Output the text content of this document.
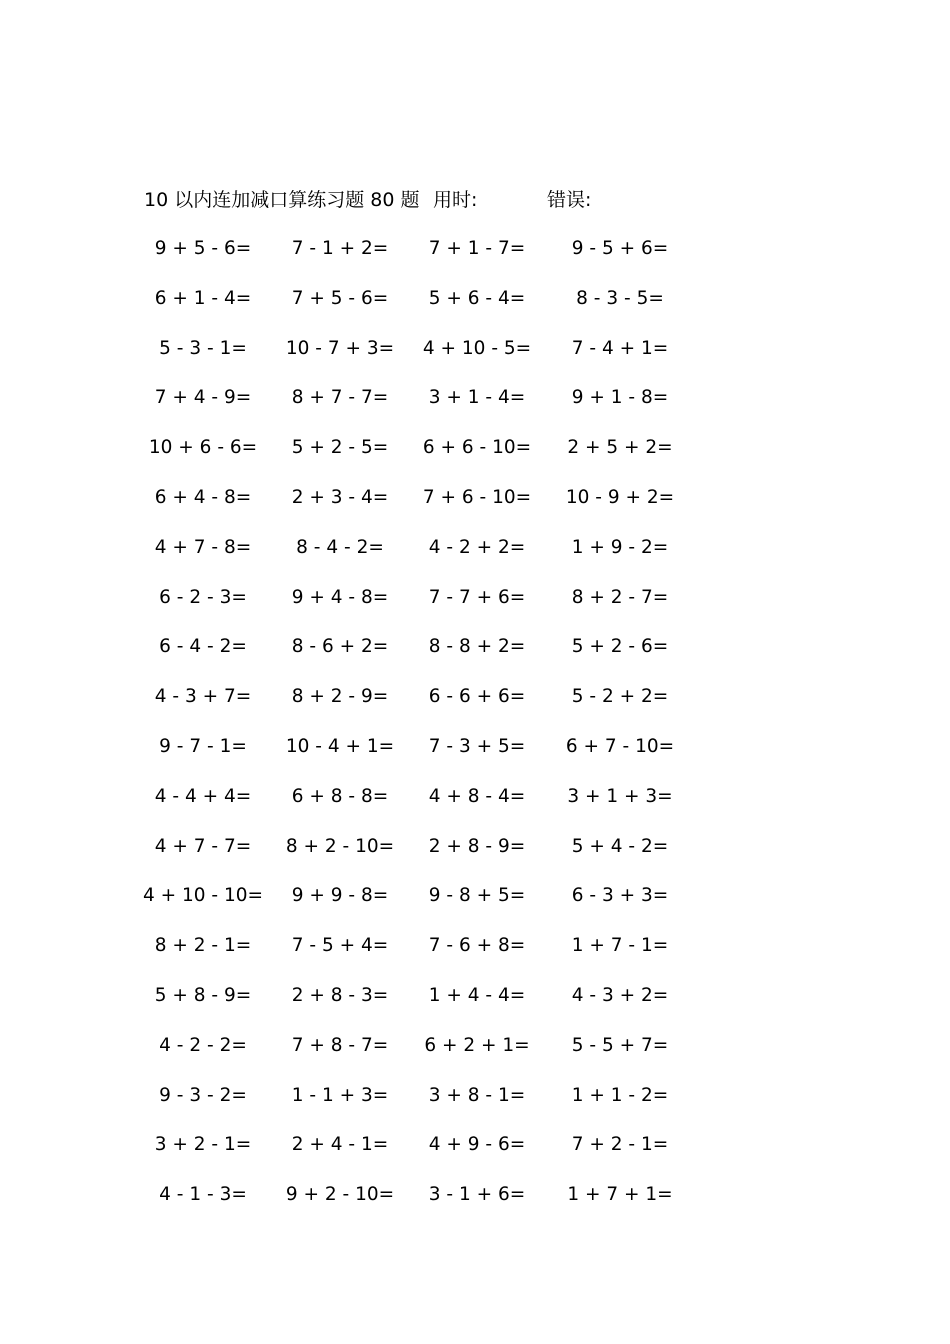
10 以内连加减口算练习题 80 题 用时:	错误:
9 + 5 - 6=	7 - 1 + 2=	7 + 1 - 7=	9 - 5 + 6=
6 + 1 - 4=	7 + 5 - 6=	5 + 6 - 4=	8 - 3 - 5=
5 - 3 - 1=	10 - 7 + 3=	4 + 10 - 5=	7 - 4 + 1=
7 + 4 - 9=	8 + 7 - 7=	3 + 1 - 4=	9 + 1 - 8=
10 + 6 - 6=	5 + 2 - 5=	6 + 6 - 10=	2 + 5 + 2=
6 + 4 - 8=	2 + 3 - 4=	7 + 6 - 10=	10 - 9 + 2=
4 + 7 - 8=	8 - 4 - 2=	4 - 2 + 2=	1 + 9 - 2=
6 - 2 - 3=	9 + 4 - 8=	7 - 7 + 6=	8 + 2 - 7=
6 - 4 - 2=	8 - 6 + 2=	8 - 8 + 2=	5 + 2 - 6=
4 - 3 + 7=	8 + 2 - 9=	6 - 6 + 6=	5 - 2 + 2=
9 - 7 - 1=	10 - 4 + 1=	7 - 3 + 5=	6 + 7 - 10=
4 - 4 + 4=	6 + 8 - 8=	4 + 8 - 4=	3 + 1 + 3=
4 + 7 - 7=	8 + 2 - 10=	2 + 8 - 9=	5 + 4 - 2=
4 + 10 - 10=	9 + 9 - 8=	9 - 8 + 5=	6 - 3 + 3=
8 + 2 - 1=	7 - 5 + 4=	7 - 6 + 8=	1 + 7 - 1=
5 + 8 - 9=	2 + 8 - 3=	1 + 4 - 4=	4 - 3 + 2=
4 - 2 - 2=	7 + 8 - 7=	6 + 2 + 1=	5 - 5 + 7=
9 - 3 - 2=	1 - 1 + 3=	3 + 8 - 1=	1 + 1 - 2=
3 + 2 - 1=	2 + 4 - 1=	4 + 9 - 6=	7 + 2 - 1=
4 - 1 - 3=	9 + 2 - 10=	3 - 1 + 6=	1 + 7 + 1=
